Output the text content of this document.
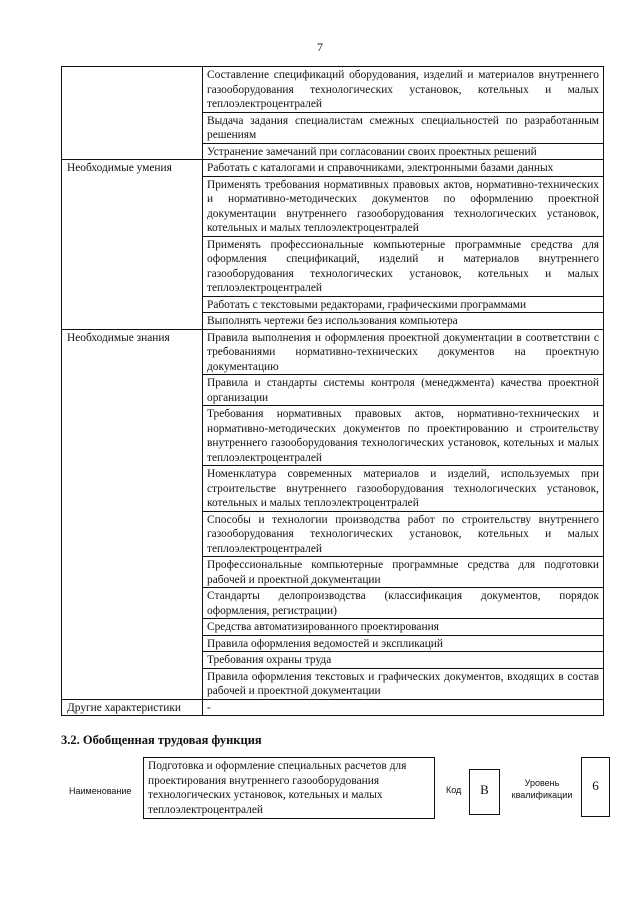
7
	Составление спецификаций оборудования, изделий и материалов внутреннего газооборудования технологических установок, котельных и малых теплоэлектроцентралей
	Выдача задания специалистам смежных специальностей по разработанным решениям
	Устранение замечаний при согласовании своих проектных решений
Необходимые умения	Работать с каталогами и справочниками, электронными базами данных
	Применять требования нормативных правовых актов, нормативно-технических и нормативно-методических документов по оформлению проектной документации внутреннего газооборудования технологических установок, котельных и малых теплоэлектроцентралей
	Применять профессиональные компьютерные программные средства для оформления спецификаций, изделий и материалов внутреннего газооборудования технологических установок, котельных и малых теплоэлектроцентралей
	Работать с текстовыми редакторами, графическими программами
	Выполнять чертежи без использования компьютера
Необходимые знания	Правила выполнения и оформления проектной документации в соответствии с требованиями нормативно-технических документов на проектную документацию
	Правила и стандарты системы контроля (менеджмента) качества проектной организации
	Требования нормативных правовых актов, нормативно-технических и нормативно-методических документов по проектированию и строительству внутреннего газооборудования технологических установок, котельных и малых теплоэлектроцентралей
	Номенклатура современных материалов и изделий, используемых при строительстве внутреннего газооборудования технологических установок, котельных и малых теплоэлектроцентралей
	Способы и технологии производства работ по строительству внутреннего газооборудования технологических установок, котельных и малых теплоэлектроцентралей
	Профессиональные компьютерные программные средства для подготовки рабочей и проектной документации
	Стандарты делопроизводства (классификация документов, порядок оформления, регистрации)
	Средства автоматизированного проектирования
	Правила оформления ведомостей и экспликаций
	Требования охраны труда
	Правила оформления текстовых и графических документов, входящих в состав рабочей и проектной документации
Другие характеристики	-
3.2. Обобщенная трудовая функция
Наименование
Подготовка и оформление специальных расчетов для проектирования внутреннего газооборудования технологических установок, котельных и малых теплоэлектроцентралей
Код	В	Уровень квалификации
6
